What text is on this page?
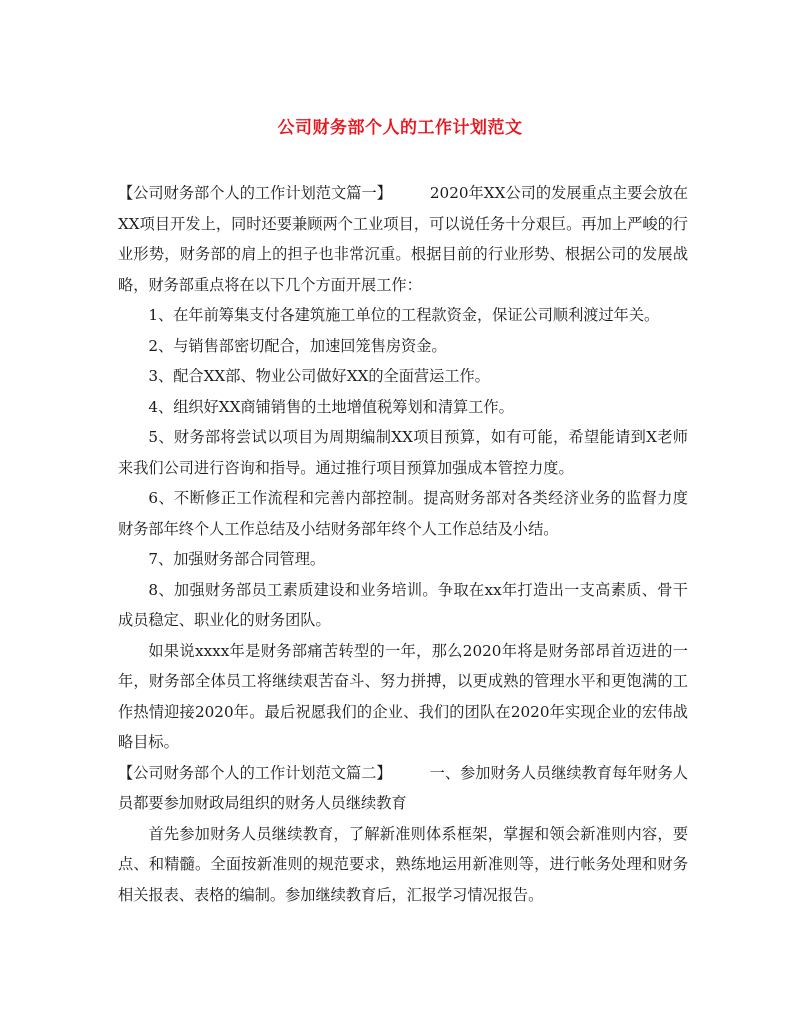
公司财务部个人的工作计划范文

【公司财务部个人的工作计划范文篇一】	2020年XX公司的发展重点主要会放在XX项目开发上，同时还要兼顾两个工业项目，可以说任务十分艰巨。再加上严峻的行业形势，财务部的肩上的担子也非常沉重。根据目前的行业形势、根据公司的发展战略，财务部重点将在以下几个方面开展工作：

1、在年前筹集支付各建筑施工单位的工程款资金，保证公司顺利渡过年关。

2、与销售部密切配合，加速回笼售房资金。

3、配合XX部、物业公司做好XX的全面营运工作。

4、组织好XX商铺销售的土地增值税筹划和清算工作。

5、财务部将尝试以项目为周期编制XX项目预算，如有可能，希望能请到X老师来我们公司进行咨询和指导。通过推行项目预算加强成本管控力度。

6、不断修正工作流程和完善内部控制。提高财务部对各类经济业务的监督力度财务部年终个人工作总结及小结财务部年终个人工作总结及小结。

7、加强财务部合同管理。

8、加强财务部员工素质建设和业务培训。争取在xx年打造出一支高素质、骨干成员稳定、职业化的财务团队。

如果说xxxx年是财务部痛苦转型的一年，那么2020年将是财务部昂首迈进的一年，财务部全体员工将继续艰苦奋斗、努力拼搏，以更成熟的管理水平和更饱满的工作热情迎接2020年。最后祝愿我们的企业、我们的团队在2020年实现企业的宏伟战略目标。

【公司财务部个人的工作计划范文篇二】	一、参加财务人员继续教育每年财务人员都要参加财政局组织的财务人员继续教育

首先参加财务人员继续教育，了解新准则体系框架，掌握和领会新准则内容，要点、和精髓。全面按新准则的规范要求，熟练地运用新准则等，进行帐务处理和财务相关报表、表格的编制。参加继续教育后，汇报学习情况报告。
